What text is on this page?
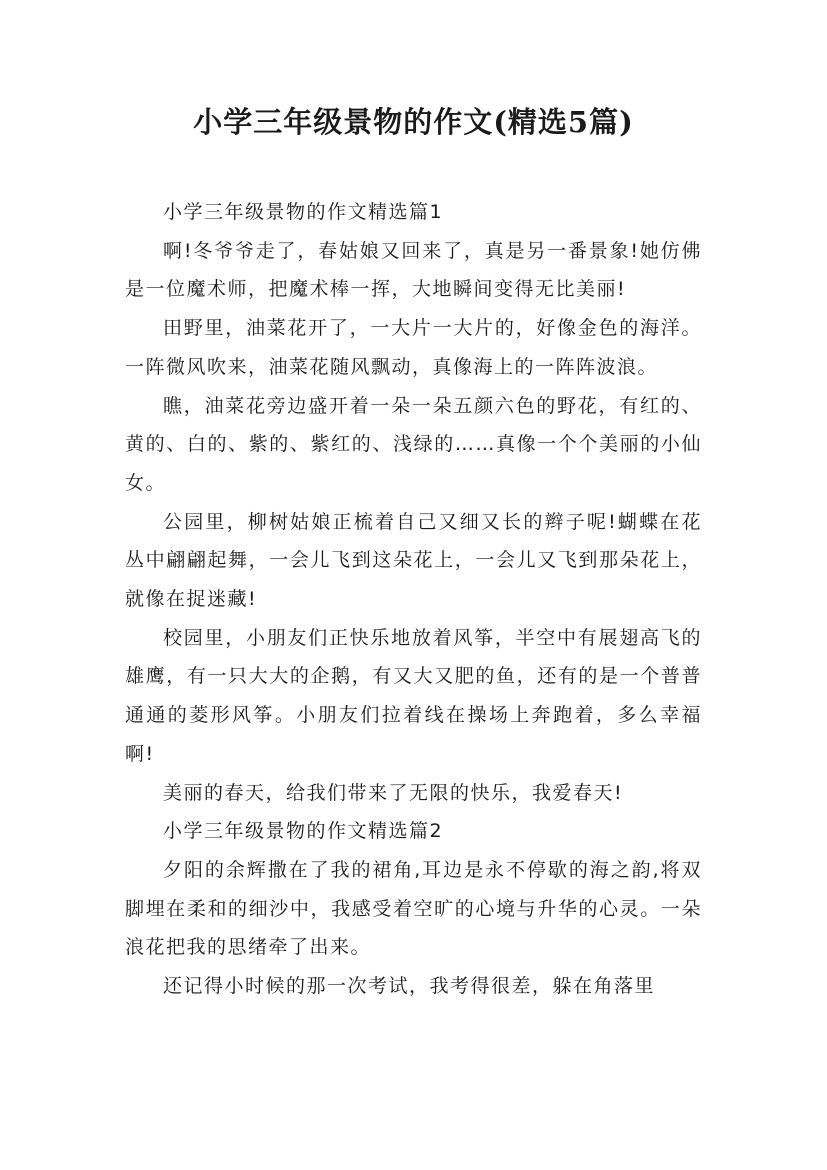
小学三年级景物的作文(精选5篇)

小学三年级景物的作文精选篇1

啊!冬爷爷走了，春姑娘又回来了，真是另一番景象!她仿佛是一位魔术师，把魔术棒一挥，大地瞬间变得无比美丽!

田野里，油菜花开了，一大片一大片的，好像金色的海洋。一阵微风吹来，油菜花随风飘动，真像海上的一阵阵波浪。

瞧，油菜花旁边盛开着一朵一朵五颜六色的野花，有红的、黄的、白的、紫的、紫红的、浅绿的……真像一个个美丽的小仙女。

公园里，柳树姑娘正梳着自己又细又长的辫子呢!蝴蝶在花丛中翩翩起舞，一会儿飞到这朵花上，一会儿又飞到那朵花上，就像在捉迷藏!

校园里，小朋友们正快乐地放着风筝，半空中有展翅高飞的雄鹰，有一只大大的企鹅，有又大又肥的鱼，还有的是一个普普通通的菱形风筝。小朋友们拉着线在操场上奔跑着，多么幸福啊!

美丽的春天，给我们带来了无限的快乐，我爱春天!

小学三年级景物的作文精选篇2

夕阳的余辉撒在了我的裙角,耳边是永不停歇的海之韵,将双脚埋在柔和的细沙中，我感受着空旷的心境与升华的心灵。一朵浪花把我的思绪牵了出来。

还记得小时候的那一次考试，我考得很差，躲在角落里
